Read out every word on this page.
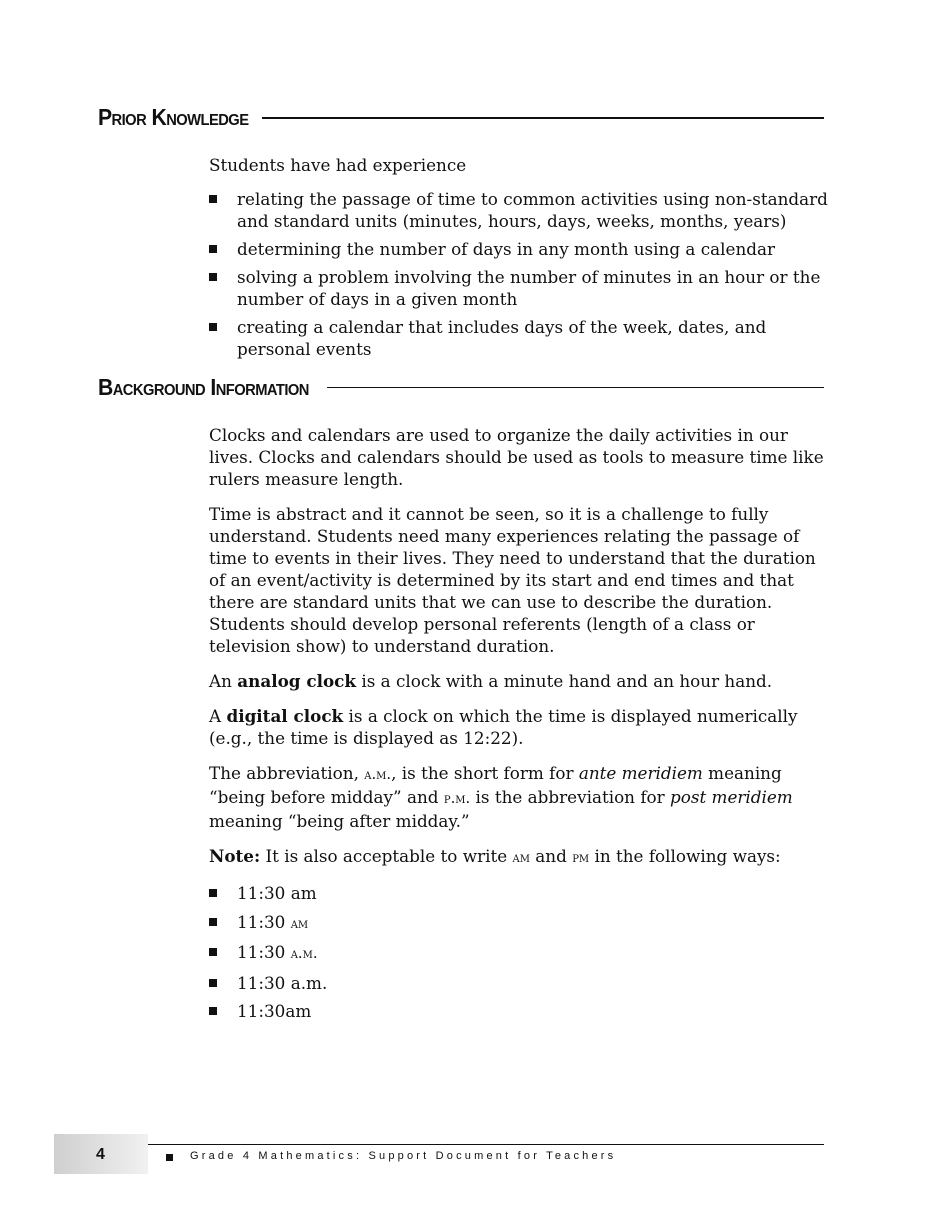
Prior Knowledge

Students have had experience

relating the passage of time to common activities using non-standard and standard units (minutes, hours, days, weeks, months, years)
determining the number of days in any month using a calendar
solving a problem involving the number of minutes in an hour or the number of days in a given month
creating a calendar that includes days of the week, dates, and personal events
Background Information

Clocks and calendars are used to organize the daily activities in our lives. Clocks and calendars should be used as tools to measure time like rulers measure length.

Time is abstract and it cannot be seen, so it is a challenge to fully understand. Students need many experiences relating the passage of time to events in their lives. They need to understand that the duration of an event/activity is determined by its start and end times and that there are standard units that we can use to describe the duration. Students should develop personal referents (length of a class or television show) to understand duration.

An analog clock is a clock with a minute hand and an hour hand.

A digital clock is a clock on which the time is displayed numerically (e.g., the time is displayed as 12:22).

The abbreviation, a.m., is the short form for ante meridiem meaning “being before midday” and p.m. is the abbreviation for post meridiem meaning “being after midday.”

Note: It is also acceptable to write am and pm in the following ways:

11:30 am
11:30 am
11:30 a.m.
11:30 a.m.
11:30am
4	Grade 4 Mathematics: Support Document for Teachers
